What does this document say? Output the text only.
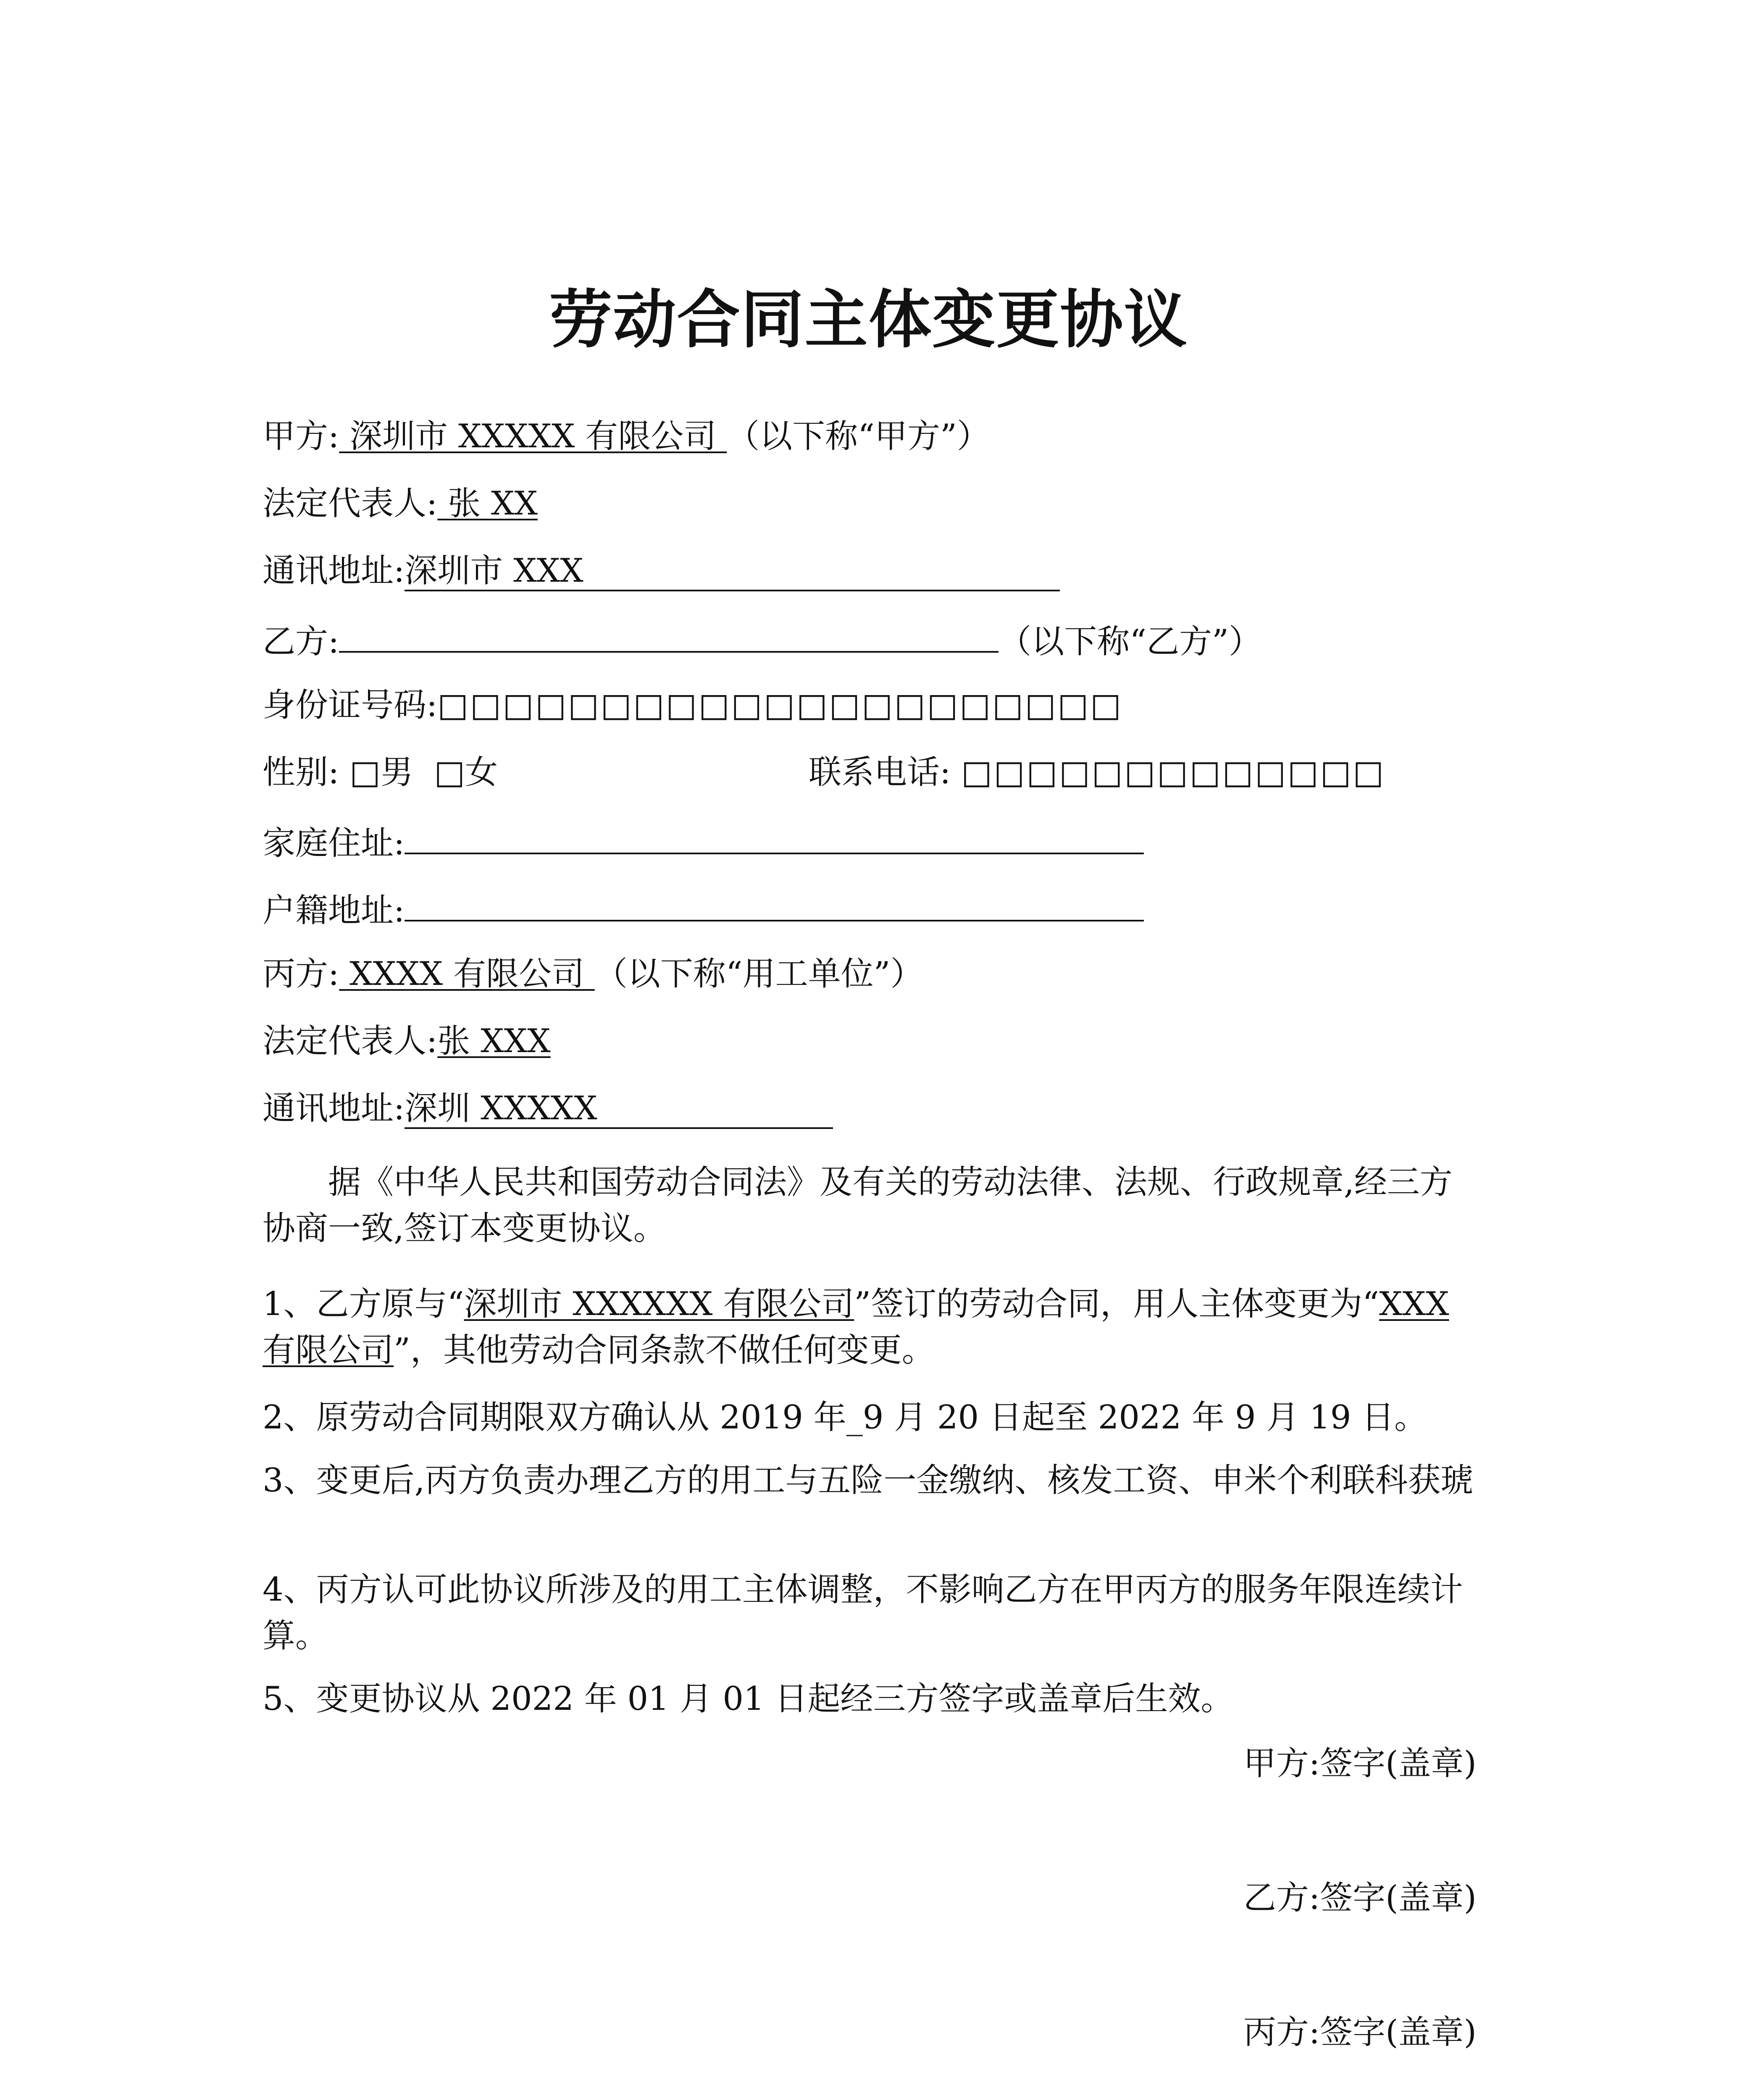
劳动合同主体变更协议
甲方: 深圳市 XXXXX 有限公司 （以下称“甲方”）
法定代表人: 张 XX
通讯地址:深圳市 XXX
乙方:	（以下称“乙方”）
身份证号码:□□□□□□□□□□□□□□□□□□□□□
性别: □男 □女	联系电话: □□□□□□□□□□□□□
家庭住址:
户籍地址:
丙方: XXXX 有限公司 （以下称“用工单位”）
法定代表人:张 XXX
通讯地址:深圳 XXXXX
据《中华人民共和国劳动合同法》及有关的劳动法律、法规、行政规章,经三方协商一致,签订本变更协议。
1、乙方原与“深圳市 XXXXXX 有限公司”签订的劳动合同，用人主体变更为“XXX 有限公司”，其他劳动合同条款不做任何变更。
2、原劳动合同期限双方确认从 2019 年_9 月 20 日起至 2022 年 9 月 19 日。
3、变更后,丙方负责办理乙方的用工与五险一金缴纳、核发工资、申米个利联科获琥
4、丙方认可此协议所涉及的用工主体调整，不影响乙方在甲丙方的服务年限连续计算。
5、变更协议从 2022 年 01 月 01 日起经三方签字或盖章后生效。
甲方:签字(盖章)
乙方:签字(盖章)
丙方:签字(盖章)
